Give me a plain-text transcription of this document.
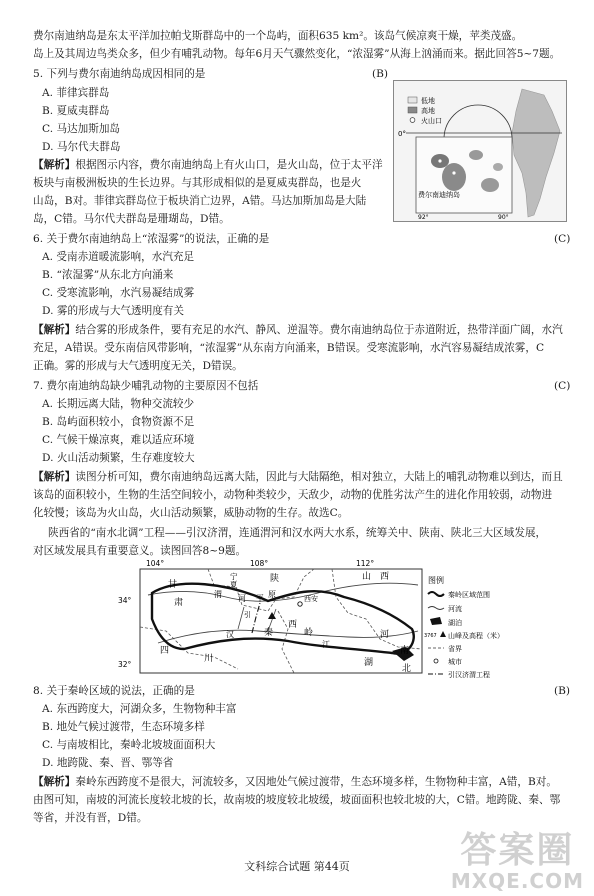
费尔南迪纳岛是东太平洋加拉帕戈斯群岛中的一个岛屿，面积635 km²。该岛气候凉爽干燥，苹类茂盛。
岛上及其周边鸟类众多，但少有哺乳动物。每年6月天气骤然变化，“浓湿雾”从海上汹涌而来。据此回答5~7题。
5. 下列与费尔南迪纳岛成因相同的是	(B)
A. 菲律宾群岛
B. 夏威夷群岛
C. 马达加斯加岛
D. 马尔代夫群岛
【解析】根据图示内容，费尔南迪纳岛上有火山口，是火山岛，位于太平洋
板块与南极洲板块的生长边界。与其形成相似的是夏威夷群岛，也是火
山岛，B对。菲律宾群岛位于板块消亡边界，A错。马达加斯加岛是大陆
岛，C错。马尔代夫群岛是珊瑚岛，D错。
低地
高地
火山口
0°
费尔南迪纳岛
92°	90°
6. 关于费尔南迪纳岛上“浓湿雾”的说法，正确的是	(C)
A. 受南赤道暖流影响，水汽充足
B. “浓湿雾”从东北方向涌来
C. 受寒流影响，水汽易凝结成雾
D. 雾的形成与大气透明度有关
【解析】结合雾的形成条件，要有充足的水汽、静风、逆温等。费尔南迪纳岛位于赤道附近，热带洋面广阔，水汽
充足，A错误。受东南信风带影响，“浓湿雾”从东南方向涌来，B错误。受寒流影响，水汽容易凝结成浓雾，C
正确。雾的形成与大气透明度无关，D错误。
7. 费尔南迪纳岛缺少哺乳动物的主要原因不包括	(C)
A. 长期远离大陆，物种交流较少
B. 岛屿面积较小，食物资源不足
C. 气候干燥凉爽，难以适应环境
D. 火山活动频繁，生存难度较大
【解析】读图分析可知，费尔南迪纳岛远离大陆，因此与大陆隔绝，相对独立，大陆上的哺乳动物难以到达，而且
该岛的面积较小，生物的生活空间较小，动物种类较少，天敌少，动物的优胜劣汰产生的进化作用较弱，动物进
化较慢；该岛为火山岛，火山活动频繁，威胁动物的生存。故选C。
陕西省的“南水北调”工程——引汉济渭，连通渭河和汉水两大水系，统筹关中、陕南、陕北三大区域发展，
对区域发展具有重要意义。读图回答8~9题。
104°	108°	112°
34°
32°
甘
肃
陕
西
宁
夏
山 西
渭 河 平 原
汉
江
湖
北
河
南
四
川
秦	岭
西安
引
图例
秦岭区域范围
河流
湖泊
3767 山峰及高程（米）
省界
城市
引汉济渭工程
8. 关于秦岭区域的说法，正确的是	(B)
A. 东西跨度大，河湖众多，生物物种丰富
B. 地处气候过渡带，生态环境多样
C. 与南坡相比，秦岭北坡坡面面积大
D. 地跨陇、秦、晋、鄂等省
【解析】秦岭东西跨度不是很大，河流较多，又因地处气候过渡带，生态环境多样，生物物种丰富，A错，B对。
由图可知，南坡的河流长度较北坡的长，故南坡的坡度较北坡缓，坡面面积也较北坡的大，C错。地跨陇、秦、鄂
等省，并没有晋，D错。
文科综合试题 第44页	答案圈
MXQE.COM
